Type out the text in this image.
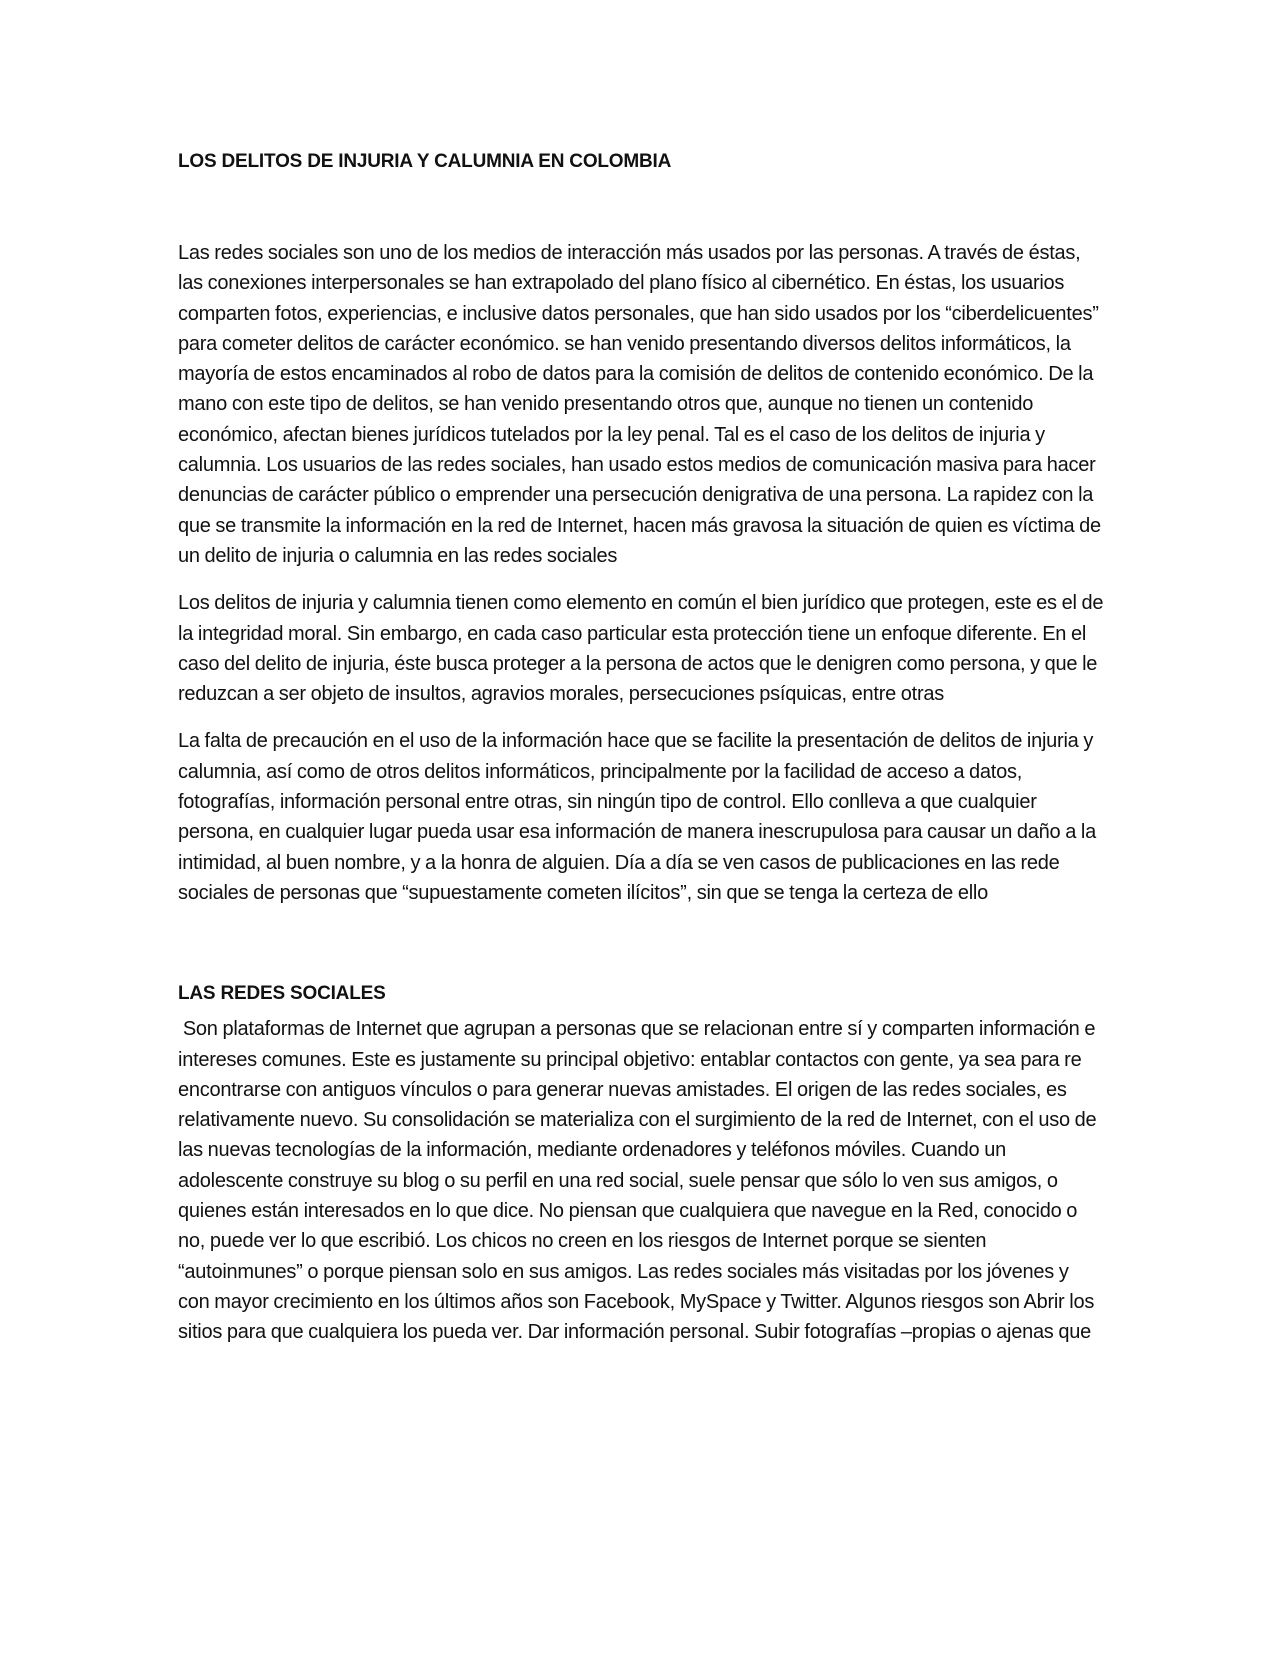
LOS DELITOS DE INJURIA Y CALUMNIA EN COLOMBIA

Las redes sociales son uno de los medios de interacción más usados por las personas. A través de éstas, las conexiones interpersonales se han extrapolado del plano físico al cibernético. En éstas, los usuarios comparten fotos, experiencias, e inclusive datos personales, que han sido usados por los “ciberdelicuentes” para cometer delitos de carácter económico. se han venido presentando diversos delitos informáticos, la mayoría de estos encaminados al robo de datos para la comisión de delitos de contenido económico. De la mano con este tipo de delitos, se han venido presentando otros que, aunque no tienen un contenido económico, afectan bienes jurídicos tutelados por la ley penal. Tal es el caso de los delitos de injuria y calumnia. Los usuarios de las redes sociales, han usado estos medios de comunicación masiva para hacer denuncias de carácter público o emprender una persecución denigrativa de una persona. La rapidez con la que se transmite la información en la red de Internet, hacen más gravosa la situación de quien es víctima de un delito de injuria o calumnia en las redes sociales

Los delitos de injuria y calumnia tienen como elemento en común el bien jurídico que protegen, este es el de la integridad moral. Sin embargo, en cada caso particular esta protección tiene un enfoque diferente. En el caso del delito de injuria, éste busca proteger a la persona de actos que le denigren como persona, y que le reduzcan a ser objeto de insultos, agravios morales, persecuciones psíquicas, entre otras

La falta de precaución en el uso de la información hace que se facilite la presentación de delitos de injuria y calumnia, así como de otros delitos informáticos, principalmente por la facilidad de acceso a datos, fotografías, información personal entre otras, sin ningún tipo de control. Ello conlleva a que cualquier persona, en cualquier lugar pueda usar esa información de manera inescrupulosa para causar un daño a la intimidad, al buen nombre, y a la honra de alguien. Día a día se ven casos de publicaciones en las rede sociales de personas que “supuestamente cometen ilícitos”, sin que se tenga la certeza de ello

LAS REDES SOCIALES

Son plataformas de Internet que agrupan a personas que se relacionan entre sí y comparten información e intereses comunes. Este es justamente su principal objetivo: entablar contactos con gente, ya sea para re encontrarse con antiguos vínculos o para generar nuevas amistades. El origen de las redes sociales, es relativamente nuevo. Su consolidación se materializa con el surgimiento de la red de Internet, con el uso de las nuevas tecnologías de la información, mediante ordenadores y teléfonos móviles. Cuando un adolescente construye su blog o su perfil en una red social, suele pensar que sólo lo ven sus amigos, o quienes están interesados en lo que dice. No piensan que cualquiera que navegue en la Red, conocido o no, puede ver lo que escribió. Los chicos no creen en los riesgos de Internet porque se sienten “autoinmunes” o porque piensan solo en sus amigos. Las redes sociales más visitadas por los jóvenes y con mayor crecimiento en los últimos años son Facebook, MySpace y Twitter. Algunos riesgos son Abrir los sitios para que cualquiera los pueda ver. Dar información personal. Subir fotografías –propias o ajenas que
